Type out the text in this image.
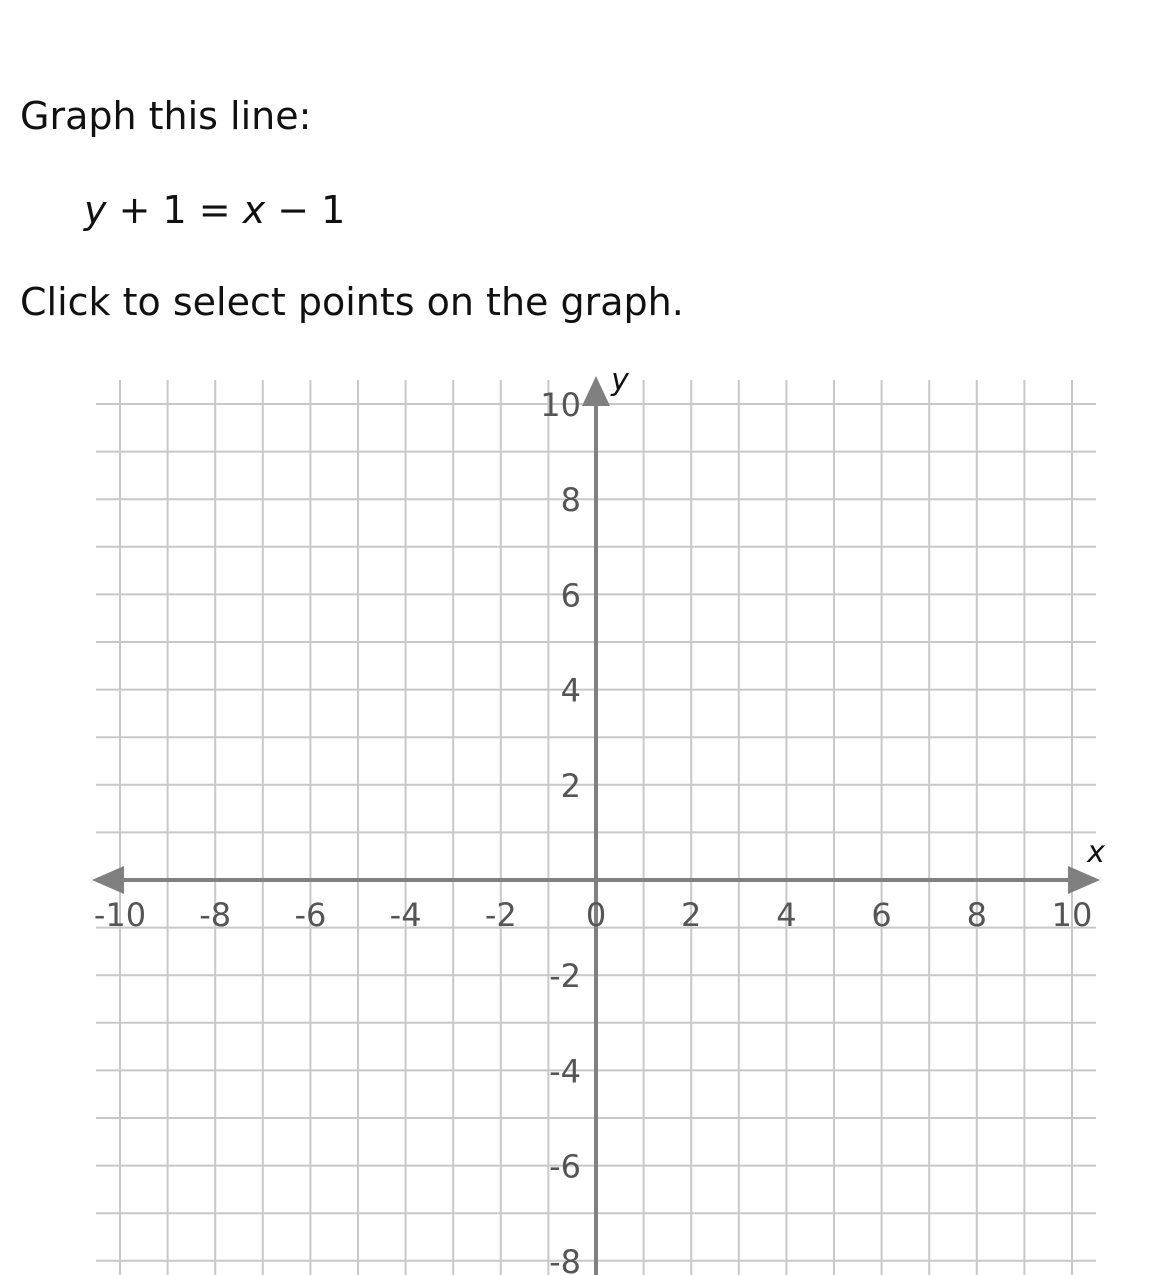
Graph this line:
y + 1 = x − 1

Click to select points on the graph.

-10 -8 -6 -4 -2 0 2 4 6 8 10
10
8
6
4
2
-2
-4
-6
-8
x
y
